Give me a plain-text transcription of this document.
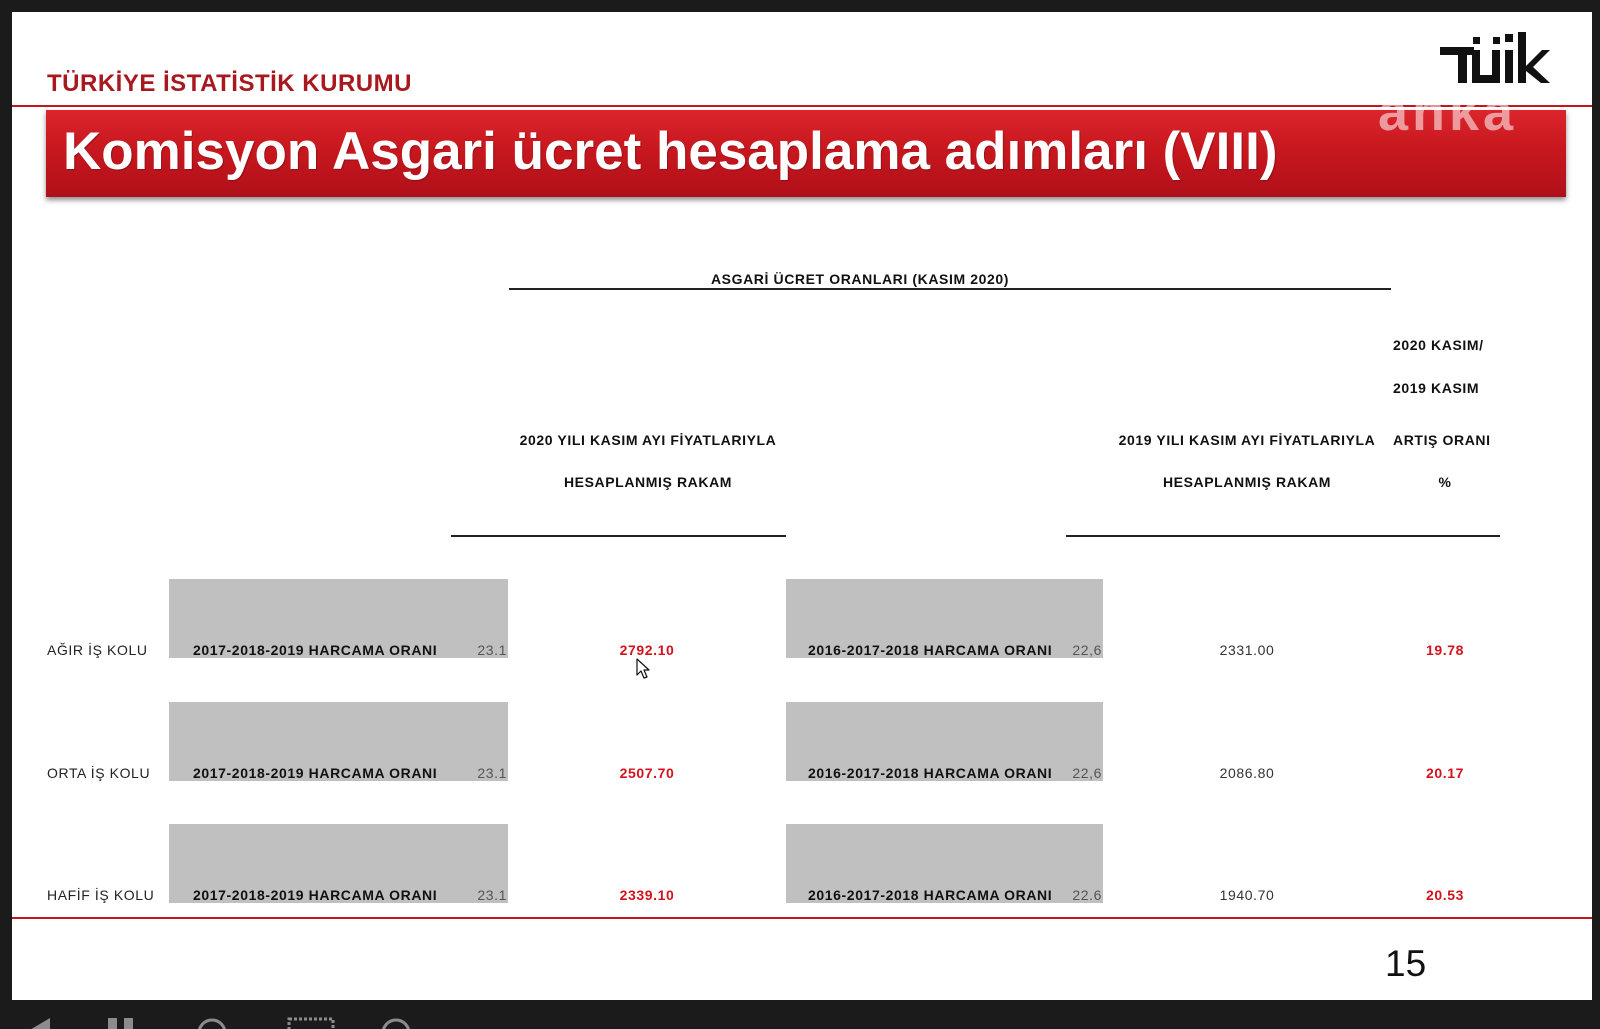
TÜRKİYE İSTATİSTİK KURUMU
Komisyon Asgari ücret hesaplama adımları (VIII)
anka
ASGARİ ÜCRET ORANLARI (KASIM 2020)
2020 YILI KASIM AYI FİYATLARIYLA
HESAPLANMIŞ RAKAM
2019 YILI KASIM AYI FİYATLARIYLA
HESAPLANMIŞ RAKAM
2020 KASIM/
2019 KASIM
ARTIŞ ORANI
%
AĞIR İŞ KOLU	2017-2018-2019 HARCAMA ORANI	23.1	2792.10	2016-2017-2018 HARCAMA ORANI	22,6	2331.00	19.78
ORTA İŞ KOLU	2017-2018-2019 HARCAMA ORANI	23.1	2507.70	2016-2017-2018 HARCAMA ORANI	22,6	2086.80	20.17
HAFİF İŞ KOLU	2017-2018-2019 HARCAMA ORANI	23.1	2339.10	2016-2017-2018 HARCAMA ORANI	22.6	1940.70	20.53
15
